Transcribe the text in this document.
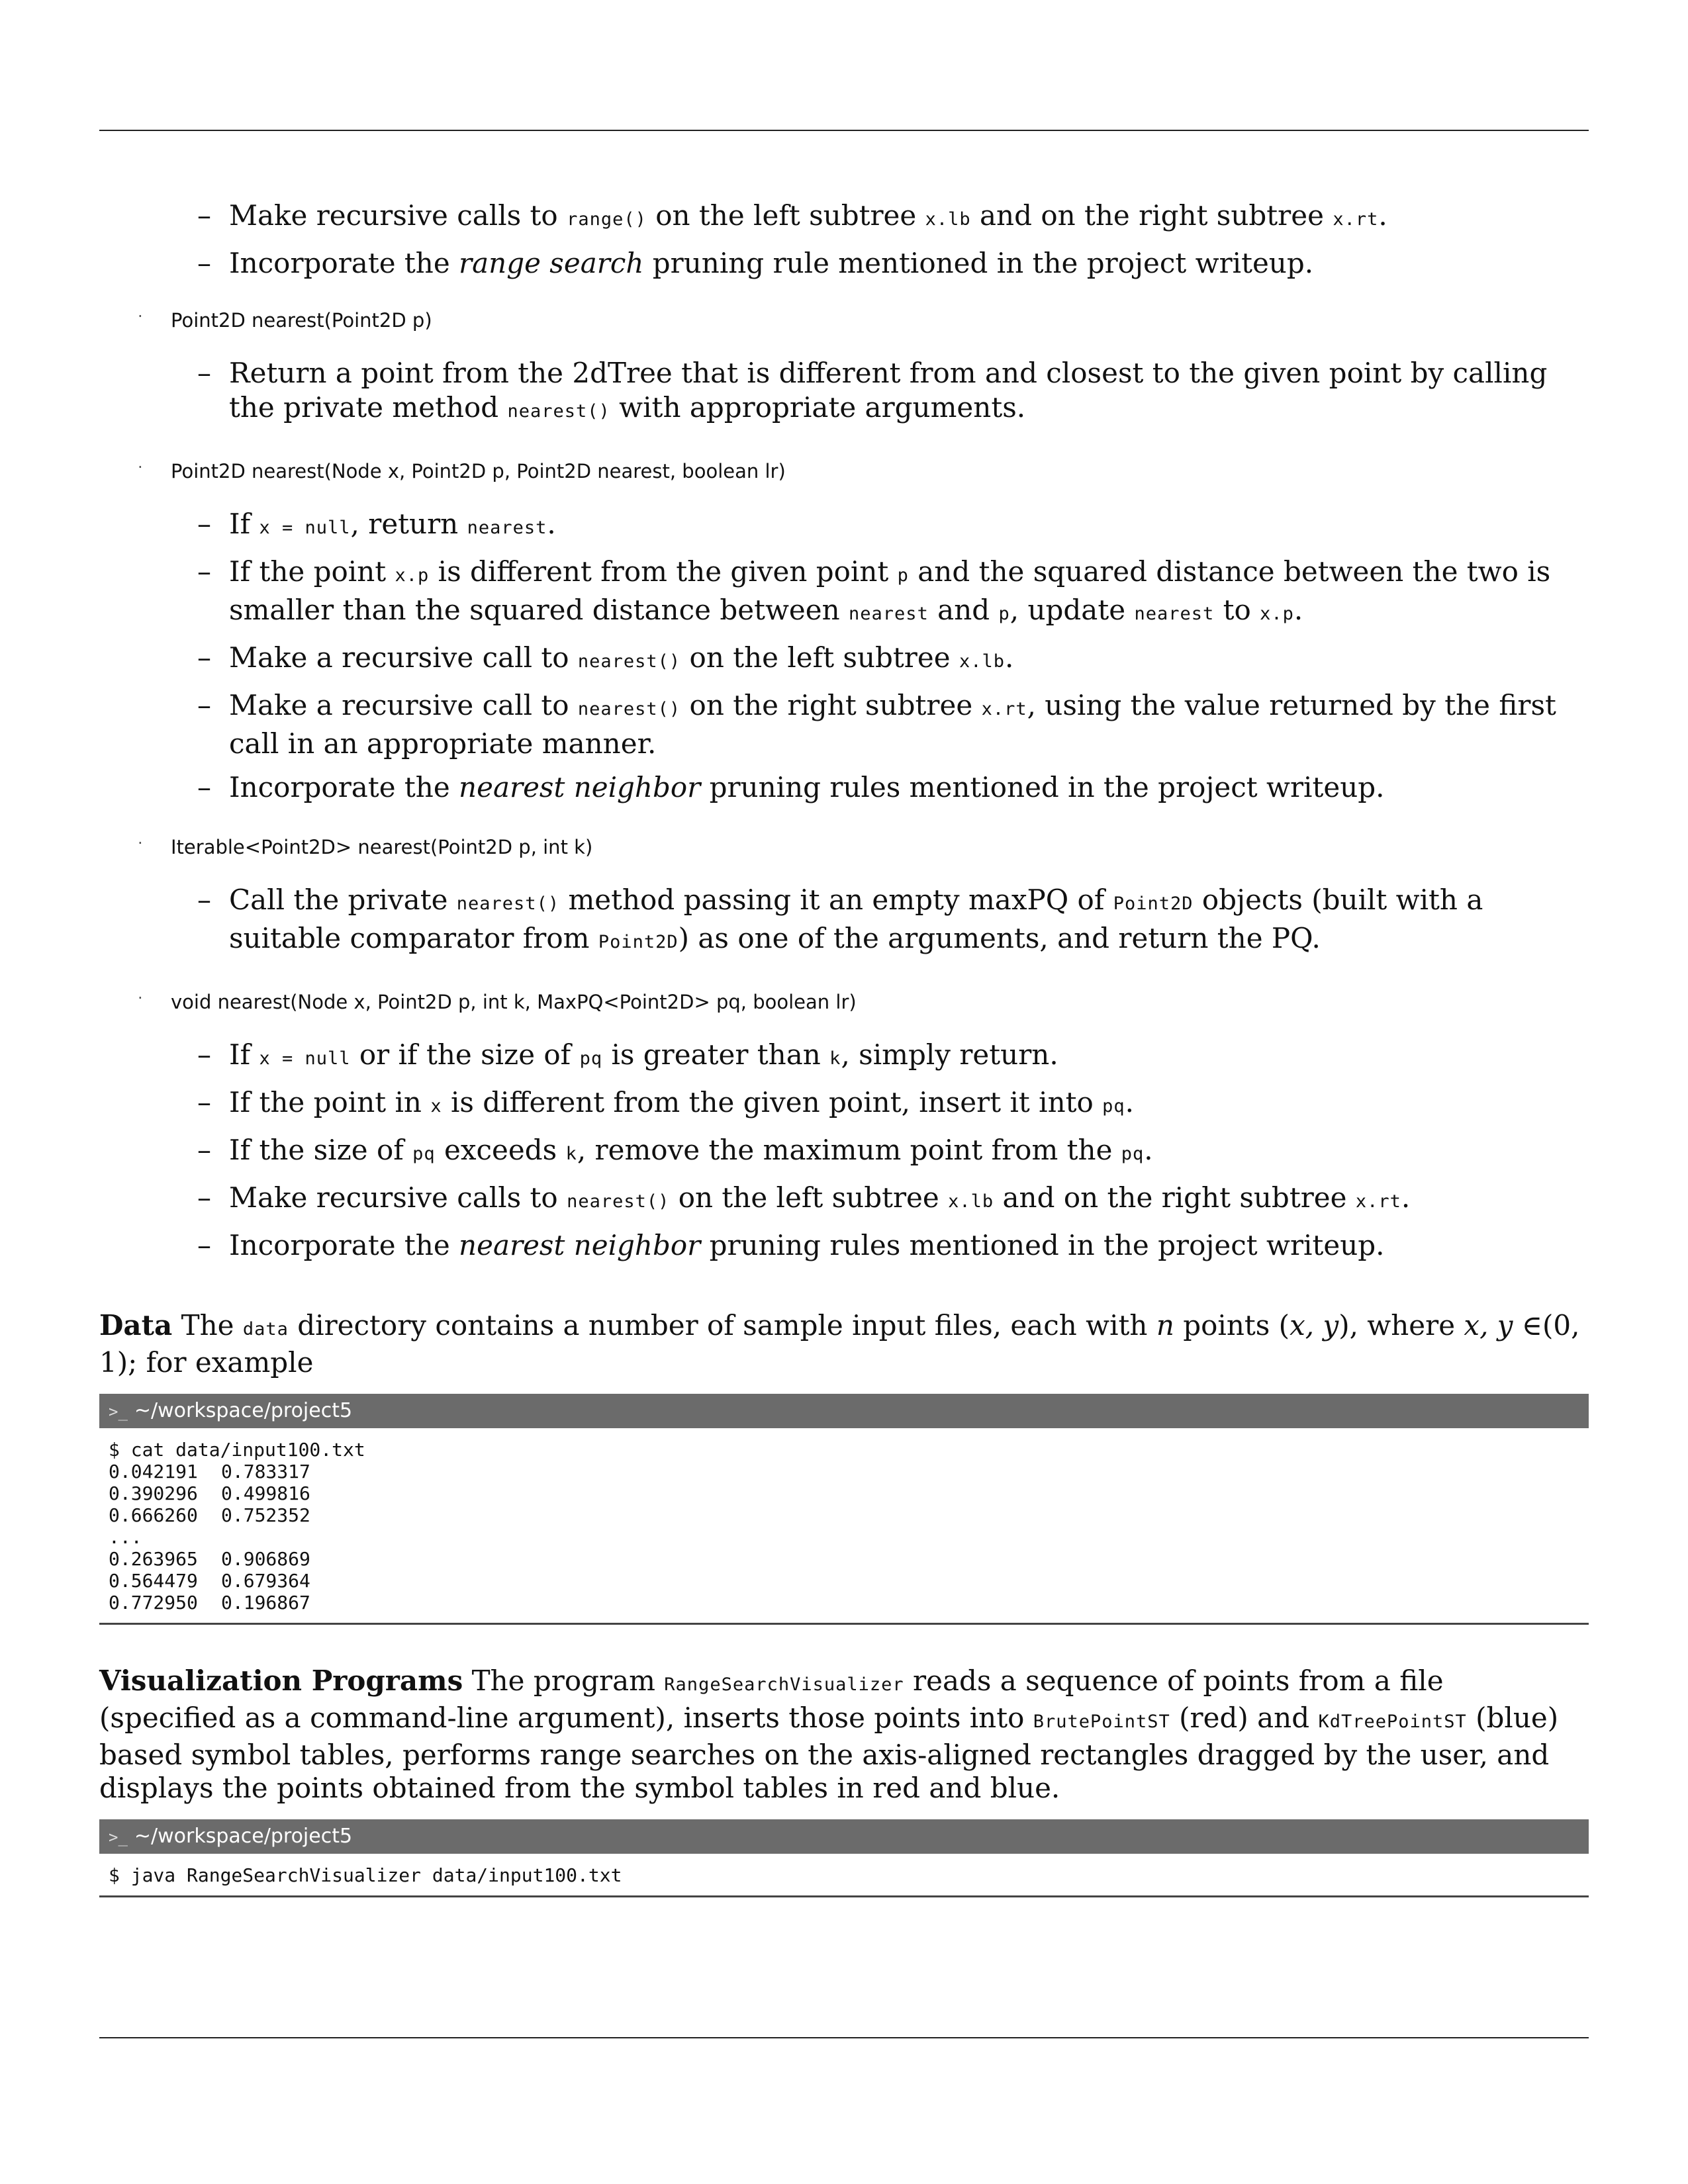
– Make recursive calls to range() on the left subtree x.lb and on the right subtree x.rt.

– Incorporate the range search pruning rule mentioned in the project writeup.

· Point2D nearest(Point2D p)

– Return a point from the 2dTree that is different from and closest to the given point by calling the private method nearest() with appropriate arguments.

· Point2D nearest(Node x, Point2D p, Point2D nearest, boolean lr)

– If x = null, return nearest.

– If the point x.p is different from the given point p and the squared distance between the two is smaller than the squared distance between nearest and p, update nearest to x.p.

– Make a recursive call to nearest() on the left subtree x.lb.

– Make a recursive call to nearest() on the right subtree x.rt, using the value returned by the first call in an appropriate manner.

– Incorporate the nearest neighbor pruning rules mentioned in the project writeup.

· Iterable<Point2D> nearest(Point2D p, int k)

– Call the private nearest() method passing it an empty maxPQ of Point2D objects (built with a suitable comparator from Point2D) as one of the arguments, and return the PQ.

· void nearest(Node x, Point2D p, int k, MaxPQ<Point2D> pq, boolean lr)

– If x = null or if the size of pq is greater than k, simply return.

– If the point in x is different from the given point, insert it into pq.

– If the size of pq exceeds k, remove the maximum point from the pq.

– Make recursive calls to nearest() on the left subtree x.lb and on the right subtree x.rt.

– Incorporate the nearest neighbor pruning rules mentioned in the project writeup.

Data The data directory contains a number of sample input files, each with n points (x, y), where x, y ∈(0, 1); for example

>_ ~/workspace/project5
$ cat data/input100.txt
0.042191	0.783317
0.390296	0.499816
0.666260	0.752352
...
0.263965	0.906869
0.564479	0.679364
0.772950	0.196867

Visualization Programs The program RangeSearchVisualizer reads a sequence of points from a file (specified as a command-line argument), inserts those points into BrutePointST (red) and KdTreePointST (blue) based symbol tables, performs range searches on the axis-aligned rectangles dragged by the user, and displays the points obtained from the symbol tables in red and blue.

>_ ~/workspace/project5
$ java RangeSearchVisualizer data/input100.txt
